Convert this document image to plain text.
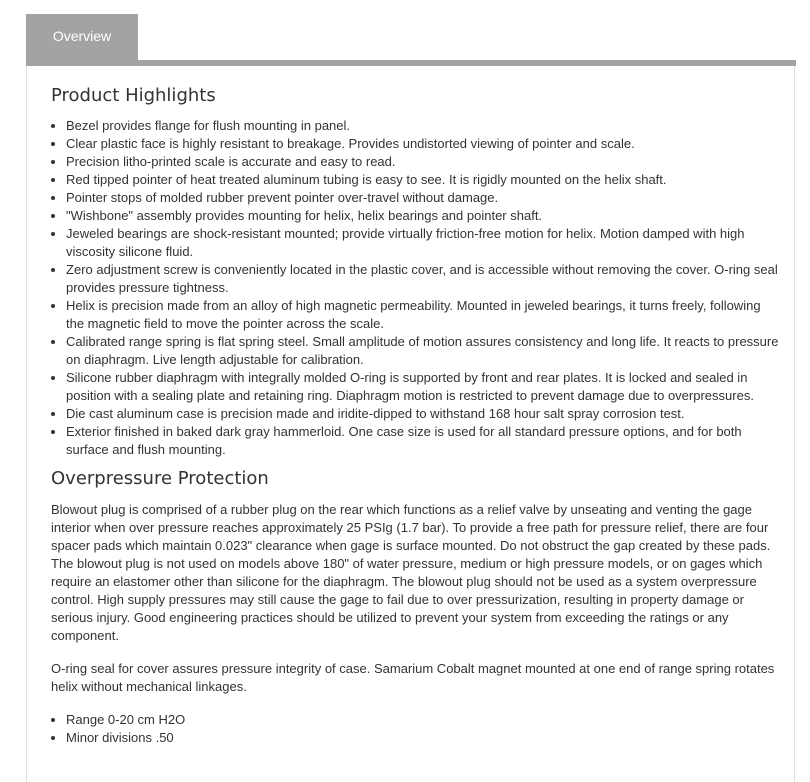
Overview
Product Highlights
• Bezel provides flange for flush mounting in panel.
• Clear plastic face is highly resistant to breakage. Provides undistorted viewing of pointer and scale.
• Precision litho-printed scale is accurate and easy to read.
• Red tipped pointer of heat treated aluminum tubing is easy to see. It is rigidly mounted on the helix shaft.
• Pointer stops of molded rubber prevent pointer over-travel without damage.
• "Wishbone" assembly provides mounting for helix, helix bearings and pointer shaft.
• Jeweled bearings are shock-resistant mounted; provide virtually friction-free motion for helix. Motion damped with high viscosity silicone fluid.
• Zero adjustment screw is conveniently located in the plastic cover, and is accessible without removing the cover. O-ring seal provides pressure tightness.
• Helix is precision made from an alloy of high magnetic permeability. Mounted in jeweled bearings, it turns freely, following the magnetic field to move the pointer across the scale.
• Calibrated range spring is flat spring steel. Small amplitude of motion assures consistency and long life. It reacts to pressure on diaphragm. Live length adjustable for calibration.
• Silicone rubber diaphragm with integrally molded O-ring is supported by front and rear plates. It is locked and sealed in position with a sealing plate and retaining ring. Diaphragm motion is restricted to prevent damage due to overpressures.
• Die cast aluminum case is precision made and iridite-dipped to withstand 168 hour salt spray corrosion test.
• Exterior finished in baked dark gray hammerloid. One case size is used for all standard pressure options, and for both surface and flush mounting.
Overpressure Protection

Blowout plug is comprised of a rubber plug on the rear which functions as a relief valve by unseating and venting the gage interior when over pressure reaches approximately 25 PSIg (1.7 bar). To provide a free path for pressure relief, there are four spacer pads which maintain 0.023" clearance when gage is surface mounted. Do not obstruct the gap created by these pads. The blowout plug is not used on models above 180" of water pressure, medium or high pressure models, or on gages which require an elastomer other than silicone for the diaphragm. The blowout plug should not be used as a system overpressure control. High supply pressures may still cause the gage to fail due to over pressurization, resulting in property damage or serious injury. Good engineering practices should be utilized to prevent your system from exceeding the ratings or any component.

O-ring seal for cover assures pressure integrity of case. Samarium Cobalt magnet mounted at one end of range spring rotates helix without mechanical linkages.

• Range 0-20 cm H2O
• Minor divisions .50
